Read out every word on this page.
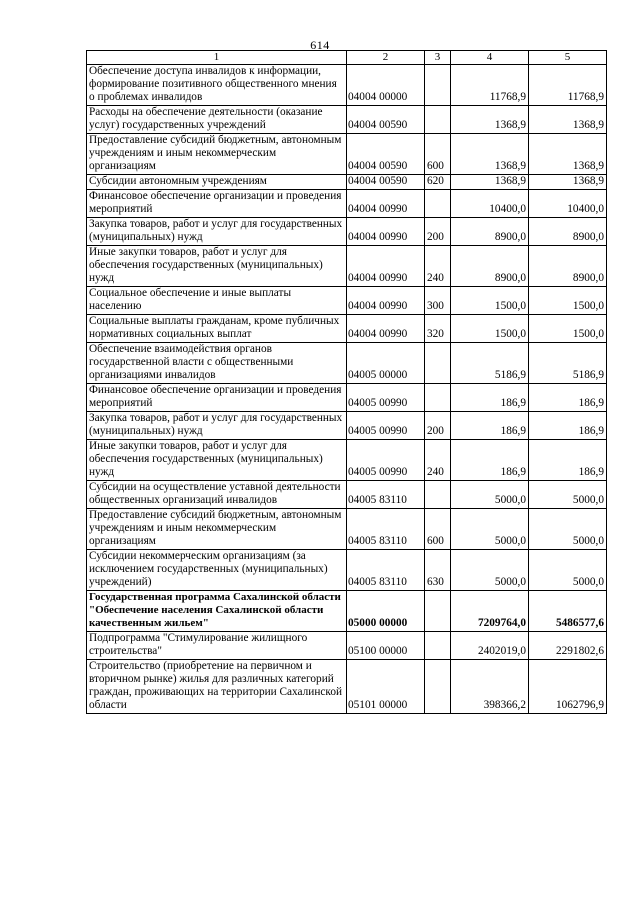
614
1	2	3	4	5
Обеспечение доступа инвалидов к информации, формирование позитивного общественного мнения о проблемах инвалидов	04004 00000		11768,9	11768,9
Расходы на обеспечение деятельности (оказание услуг) государственных учреждений	04004 00590		1368,9	1368,9
Предоставление субсидий бюджетным, автономным учреждениям и иным некоммерческим организациям	04004 00590	600	1368,9	1368,9
Субсидии автономным учреждениям	04004 00590	620	1368,9	1368,9
Финансовое обеспечение организации и проведения мероприятий	04004 00990		10400,0	10400,0
Закупка товаров, работ и услуг для государственных (муниципальных) нужд	04004 00990	200	8900,0	8900,0
Иные закупки товаров, работ и услуг для обеспечения государственных (муниципальных) нужд	04004 00990	240	8900,0	8900,0
Социальное обеспечение и иные выплаты населению	04004 00990	300	1500,0	1500,0
Социальные выплаты гражданам, кроме публичных нормативных социальных выплат	04004 00990	320	1500,0	1500,0
Обеспечение взаимодействия органов государственной власти с общественными организациями инвалидов	04005 00000		5186,9	5186,9
Финансовое обеспечение организации и проведения мероприятий	04005 00990		186,9	186,9
Закупка товаров, работ и услуг для государственных (муниципальных) нужд	04005 00990	200	186,9	186,9
Иные закупки товаров, работ и услуг для обеспечения государственных (муниципальных) нужд	04005 00990	240	186,9	186,9
Субсидии на осуществление уставной деятельности общественных организаций инвалидов	04005 83110		5000,0	5000,0
Предоставление субсидий бюджетным, автономным учреждениям и иным некоммерческим организациям	04005 83110	600	5000,0	5000,0
Субсидии некоммерческим организациям (за исключением государственных (муниципальных) учреждений)	04005 83110	630	5000,0	5000,0
Государственная программа Сахалинской области "Обеспечение населения Сахалинской области качественным жильем"	05000 00000		7209764,0	5486577,6
Подпрограмма "Стимулирование жилищного строительства"	05100 00000		2402019,0	2291802,6
Строительство (приобретение на первичном и вторичном рынке) жилья для различных категорий граждан, проживающих на территории Сахалинской области	05101 00000		398366,2	1062796,9
